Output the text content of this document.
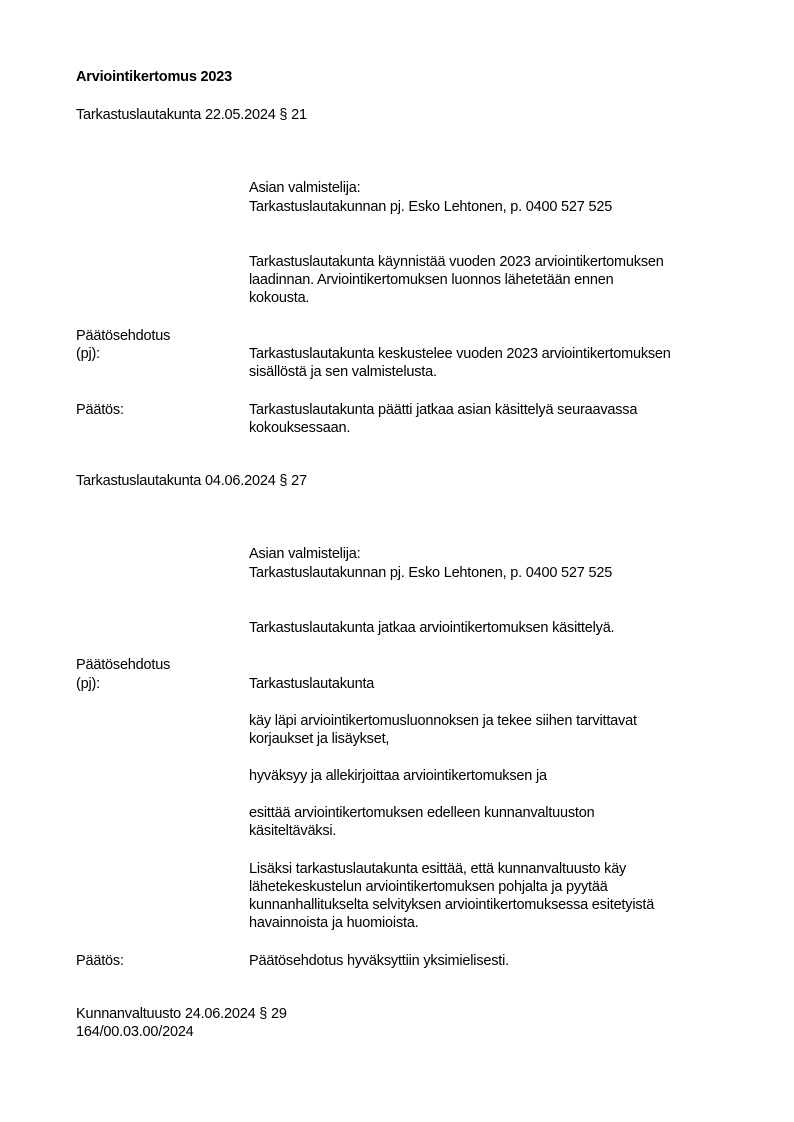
Arviointikertomus 2023
Tarkastuslautakunta 22.05.2024 § 21
Asian valmistelija:
Tarkastuslautakunnan pj. Esko Lehtonen, p. 0400 527 525
Tarkastuslautakunta käynnistää vuoden 2023 arviointikertomuksen
laadinnan. Arviointikertomuksen luonnos lähetetään ennen
kokousta.
Päätösehdotus
(pj):	Tarkastuslautakunta keskustelee vuoden 2023 arviointikertomuksen
sisällöstä ja sen valmistelusta.
Päätös:	Tarkastuslautakunta päätti jatkaa asian käsittelyä seuraavassa
kokouksessaan.
Tarkastuslautakunta 04.06.2024 § 27
Asian valmistelija:
Tarkastuslautakunnan pj. Esko Lehtonen, p. 0400 527 525
Tarkastuslautakunta jatkaa arviointikertomuksen käsittelyä.
Päätösehdotus
(pj):	Tarkastuslautakunta
käy läpi arviointikertomusluonnoksen ja tekee siihen tarvittavat
korjaukset ja lisäykset,
hyväksyy ja allekirjoittaa arviointikertomuksen ja
esittää arviointikertomuksen edelleen kunnanvaltuuston
käsiteltäväksi.
Lisäksi tarkastuslautakunta esittää, että kunnanvaltuusto käy
lähetekeskustelun arviointikertomuksen pohjalta ja pyytää
kunnanhallitukselta selvityksen arviointikertomuksessa esitetyistä
havainnoista ja huomioista.
Päätös:	Päätösehdotus hyväksyttiin yksimielisesti.
Kunnanvaltuusto 24.06.2024 § 29
164/00.03.00/2024
